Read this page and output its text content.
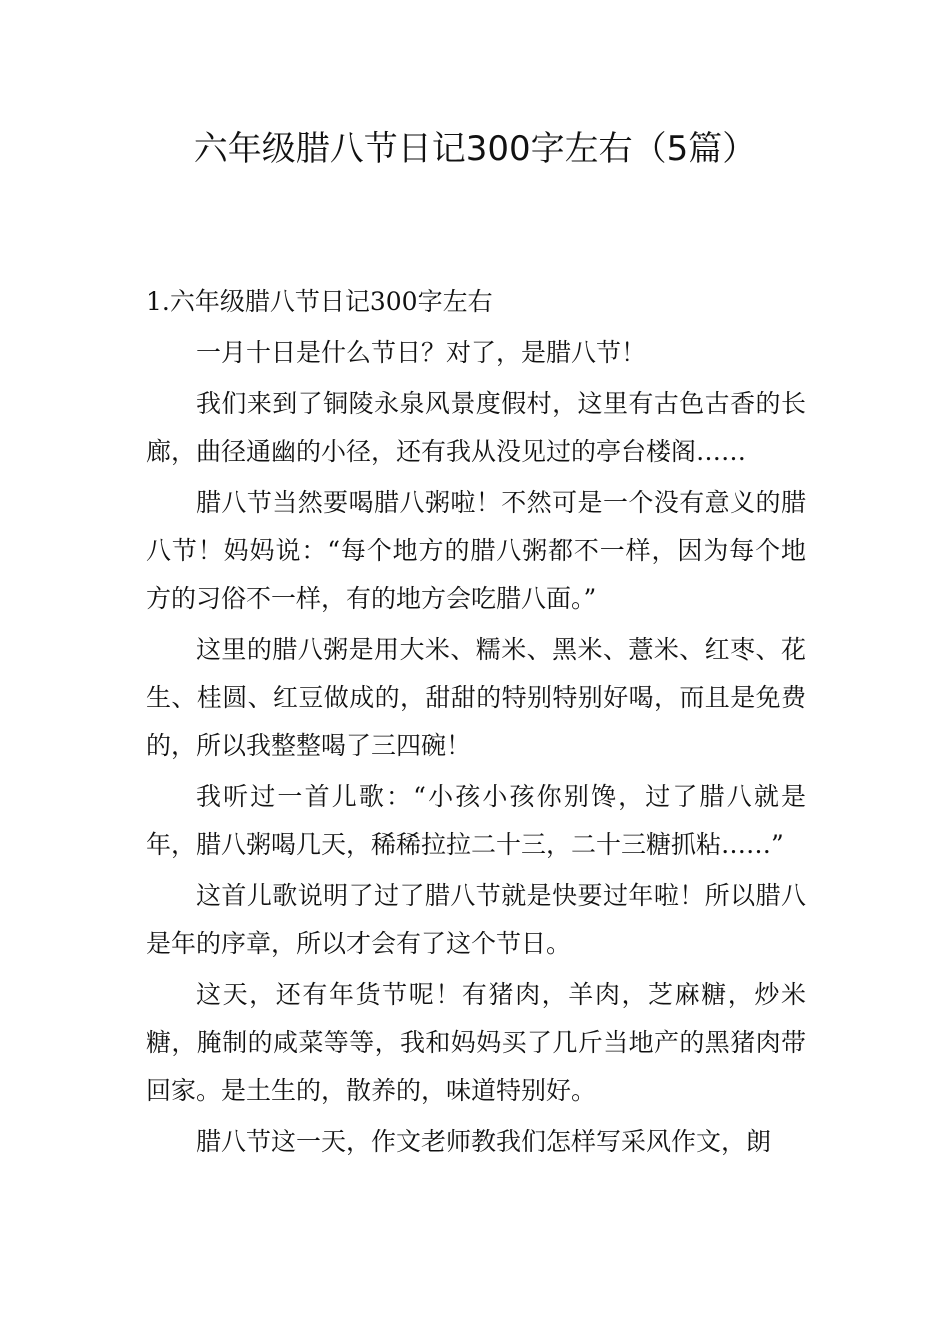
六年级腊八节日记300字左右（5篇）

1.六年级腊八节日记300字左右

一月十日是什么节日？对了，是腊八节！

我们来到了铜陵永泉风景度假村，这里有古色古香的长廊，曲径通幽的小径，还有我从没见过的亭台楼阁……

腊八节当然要喝腊八粥啦！不然可是一个没有意义的腊八节！妈妈说：“每个地方的腊八粥都不一样，因为每个地方的习俗不一样，有的地方会吃腊八面。”

这里的腊八粥是用大米、糯米、黑米、薏米、红枣、花生、桂圆、红豆做成的，甜甜的特别特别好喝，而且是免费的，所以我整整喝了三四碗！

我听过一首儿歌：“小孩小孩你别馋，过了腊八就是年，腊八粥喝几天，稀稀拉拉二十三，二十三糖抓粘……”

这首儿歌说明了过了腊八节就是快要过年啦！所以腊八是年的序章，所以才会有了这个节日。

这天，还有年货节呢！有猪肉，羊肉，芝麻糖，炒米糖，腌制的咸菜等等，我和妈妈买了几斤当地产的黑猪肉带回家。是土生的，散养的，味道特别好。

腊八节这一天，作文老师教我们怎样写采风作文，朗
